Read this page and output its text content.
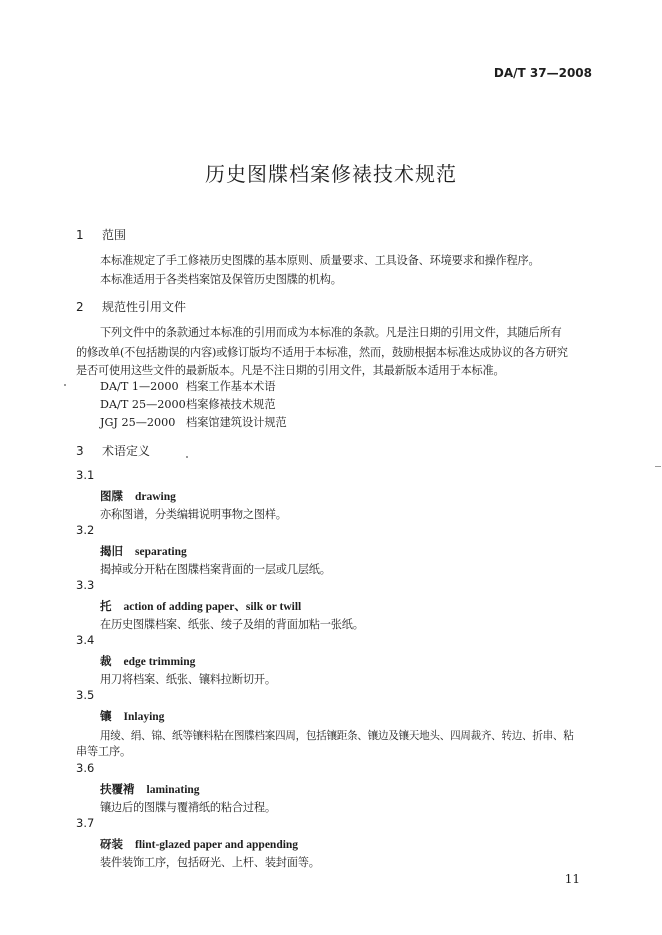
DA/T 37—2008
历史图牒档案修裱技术规范
1 范围
本标准规定了手工修裱历史图牒的基本原则、质量要求、工具设备、环境要求和操作程序。
本标准适用于各类档案馆及保管历史图牒的机构。
2 规范性引用文件
下列文件中的条款通过本标准的引用而成为本标准的条款。凡是注日期的引用文件，其随后所有
的修改单(不包括勘误的内容)或修订版均不适用于本标准，然而，鼓励根据本标准达成协议的各方研究
是否可使用这些文件的最新版本。凡是不注日期的引用文件，其最新版本适用于本标准。
DA/T 1—2000 档案工作基本术语
DA/T 25—2000档案修裱技术规范
JGJ 25—2000 档案馆建筑设计规范
3 术语定义
3.1
图牒 drawing
亦称图谱，分类编辑说明事物之图样。
3.2
揭旧 separating
揭掉或分开粘在图牒档案背面的一层或几层纸。
3.3
托 action of adding paper、silk or twill
在历史图牒档案、纸张、绫子及绢的背面加粘一张纸。
3.4
裁 edge trimming
用刀将档案、纸张、镶料拉断切开。
3.5
镶 Inlaying
用绫、绢、锦、纸等镶料粘在图牒档案四周，包括镶距条、镶边及镶天地头、四周裁齐、转边、折串、粘
串等工序。
3.6
扶覆褙 laminating
镶边后的图牒与覆褙纸的粘合过程。
3.7
砑装 flint-glazed paper and appending
装件装饰工序，包括砑光、上杆、装封面等。
11
